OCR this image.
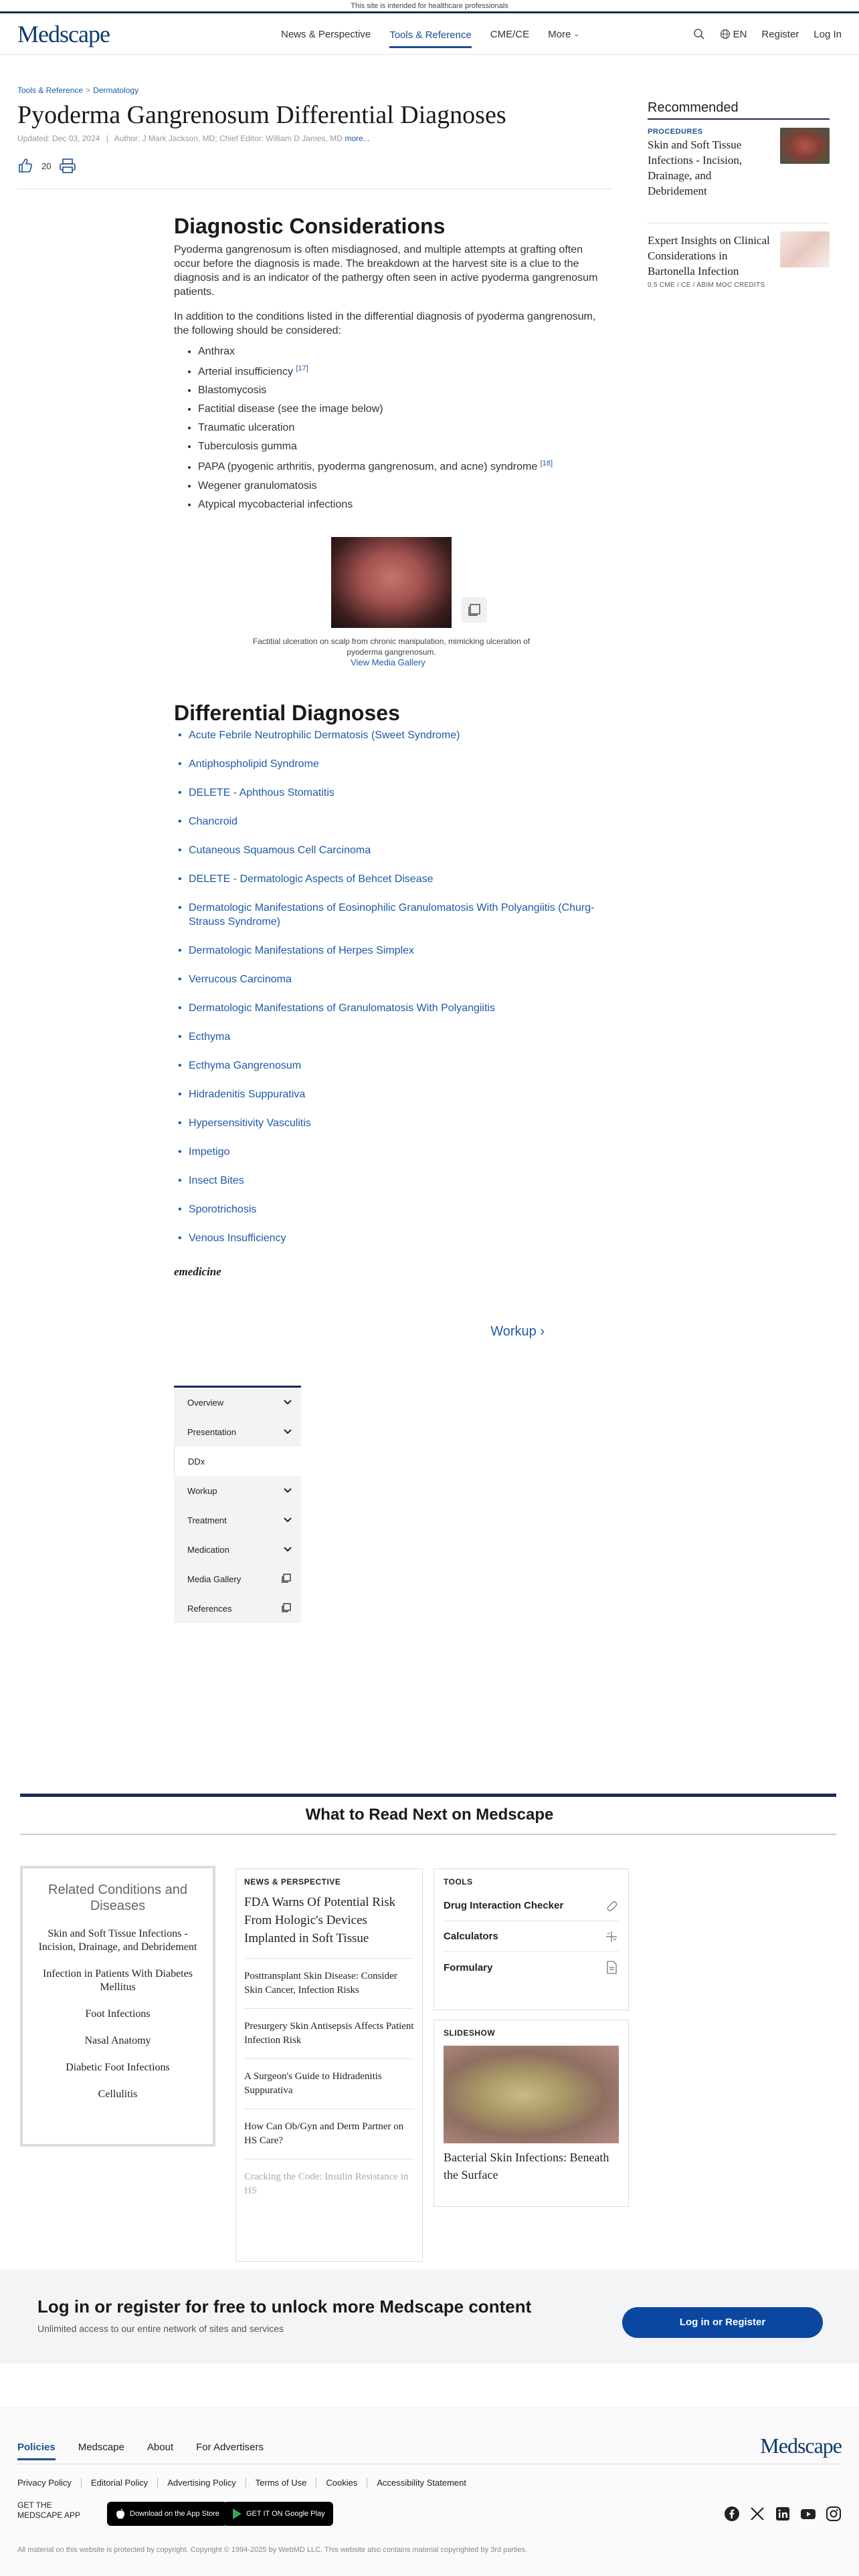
This site is intended for healthcare professionals
Medscape	News & Perspective Tools & Reference CME/CE More
⌄	EN Register Log In
Tools & Reference > Dermatology
Pyoderma Gangrenosum Differential Diagnoses
Updated: Dec 03, 2024 | Author: J Mark Jackson, MD; Chief Editor: William D James, MD more...
20
Recommended
PROCEDURES
Skin and Soft Tissue Infections - Incision, Drainage, and Debridement
Expert Insights on Clinical Considerations in Bartonella Infection
0.5 CME / CE / ABIM MOC CREDITS
Diagnostic Considerations
Pyoderma gangrenosum is often misdiagnosed, and multiple attempts at grafting often occur before the diagnosis is made. The breakdown at the harvest site is a clue to the diagnosis and is an indicator of the pathergy often seen in active pyoderma gangrenosum patients.
In addition to the conditions listed in the differential diagnosis of pyoderma gangrenosum, the following should be considered:
• Anthrax
• Arterial insufficiency [17]
• Blastomycosis
• Factitial disease (see the image below)
• Traumatic ulceration
• Tuberculosis gumma
• PAPA (pyogenic arthritis, pyoderma gangrenosum, and acne) syndrome [18]
• Wegener granulomatosis
• Atypical mycobacterial infections
Factitial ulceration on scalp from chronic manipulation, mimicking ulceration of pyoderma gangrenosum.
View Media Gallery
Differential Diagnoses
• Acute Febrile Neutrophilic Dermatosis (Sweet Syndrome)
• Antiphospholipid Syndrome
• DELETE - Aphthous Stomatitis
• Chancroid
• Cutaneous Squamous Cell Carcinoma
• DELETE - Dermatologic Aspects of Behcet Disease
• Dermatologic Manifestations of Eosinophilic Granulomatosis With Polyangiitis (Churg-Strauss Syndrome)
• Dermatologic Manifestations of Herpes Simplex
• Verrucous Carcinoma
• Dermatologic Manifestations of Granulomatosis With Polyangiitis
• Ecthyma
• Ecthyma Gangrenosum
• Hidradenitis Suppurativa
• Hypersensitivity Vasculitis
• Impetigo
• Insect Bites
• Sporotrichosis
• Venous Insufficiency
emedicine
Workup ›
Overview
Presentation
DDx
Workup
Treatment
Medication
Media Gallery
References
What to Read Next on Medscape
Related Conditions and Diseases
Skin and Soft Tissue Infections - Incision, Drainage, and Debridement
Infection in Patients With Diabetes Mellitus
Foot Infections
Nasal Anatomy
Diabetic Foot Infections
Cellulitis
NEWS & PERSPECTIVE
FDA Warns Of Potential Risk From Hologic's Devices Implanted in Soft Tissue
Posttransplant Skin Disease: Consider Skin Cancer, Infection Risks
Presurgery Skin Antisepsis Affects Patient Infection Risk
A Surgeon's Guide to Hidradenitis Suppurativa
How Can Ob/Gyn and Derm Partner on HS Care?
Cracking the Code: Insulin Resistance in HS
TOOLS
Drug Interaction Checker
Calculators
Formulary
SLIDESHOW
Bacterial Skin Infections: Beneath the Surface
Log in or register for free to unlock more Medscape content
Unlimited access to our entire network of sites and services
Log in or Register
Policies Medscape About For Advertisers	Medscape
Privacy Policy	Editorial Policy	Advertising Policy	Terms of Use	Cookies	Accessibility Statement
GET THE MEDSCAPE APP	Download on the App Store	GET IT ON Google Play
All material on this website is protected by copyright. Copyright © 1994-2025 by WebMD LLC. This website also contains material copyrighted by 3rd parties.
